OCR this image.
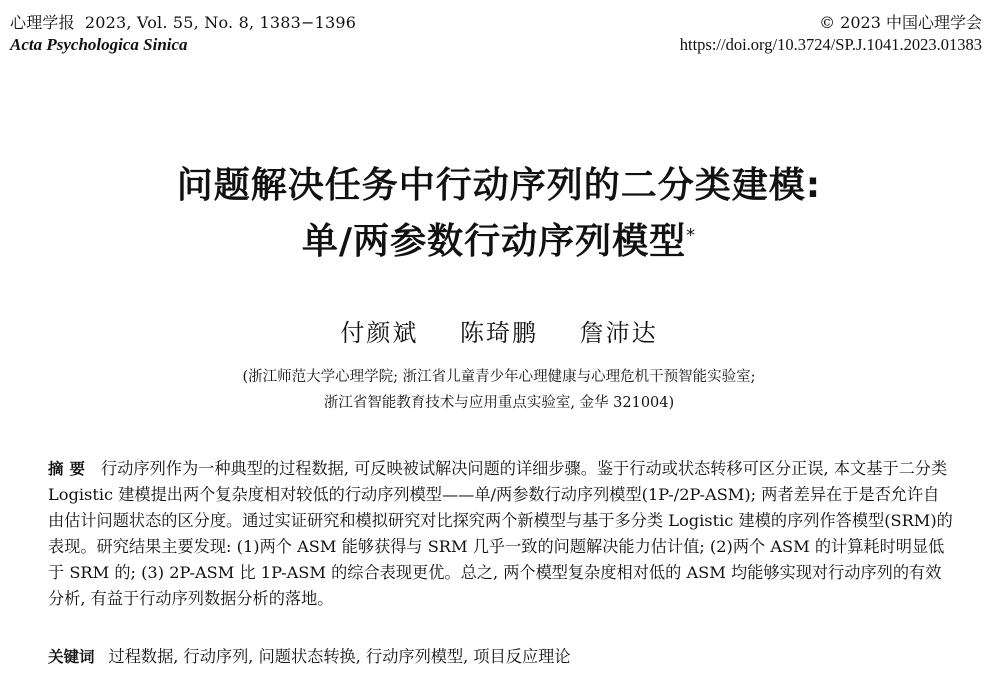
心理学报 2023, Vol. 55, No. 8, 1383−1396
Acta Psychologica Sinica
© 2023 中国心理学会
https://doi.org/10.3724/SP.J.1041.2023.01383
问题解决任务中行动序列的二分类建模:
单/两参数行动序列模型*
付颜斌 陈琦鹏 詹沛达
(浙江师范大学心理学院; 浙江省儿童青少年心理健康与心理危机干预智能实验室;
浙江省智能教育技术与应用重点实验室, 金华 321004)
摘要 行动序列作为一种典型的过程数据, 可反映被试解决问题的详细步骤。鉴于行动或状态转移可区分正误, 本文基于二分类 Logistic 建模提出两个复杂度相对较低的行动序列模型——单/两参数行动序列模型(1P-/2P-ASM); 两者差异在于是否允许自由估计问题状态的区分度。通过实证研究和模拟研究对比探究两个新模型与基于多分类 Logistic 建模的序列作答模型(SRM)的表现。研究结果主要发现: (1)两个 ASM 能够获得与 SRM 几乎一致的问题解决能力估计值; (2)两个 ASM 的计算耗时明显低于 SRM 的; (3) 2P-ASM 比 1P-ASM 的综合表现更优。总之, 两个模型复杂度相对低的 ASM 均能够实现对行动序列的有效分析, 有益于行动序列数据分析的落地。
关键词 过程数据, 行动序列, 问题状态转换, 行动序列模型, 项目反应理论
